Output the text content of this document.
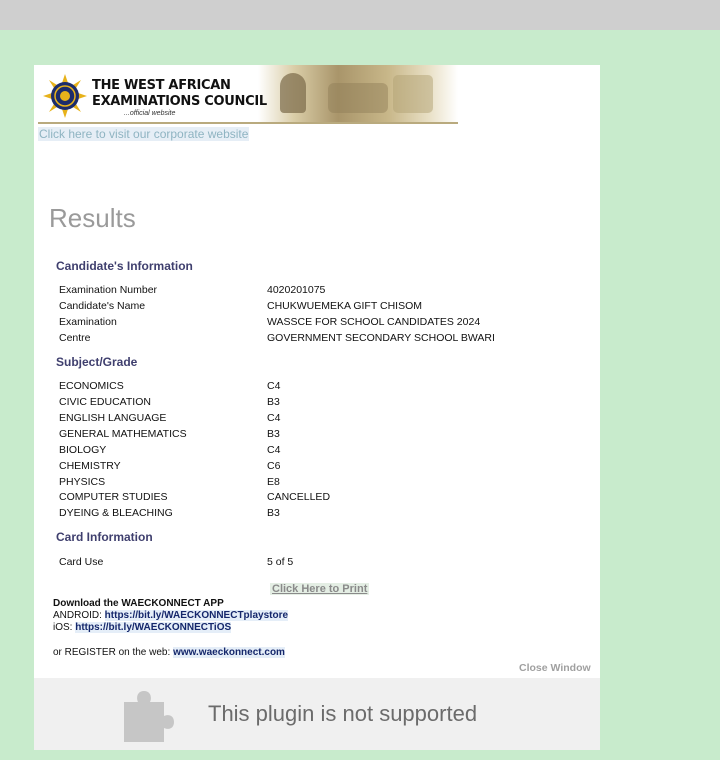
THE WEST AFRICAN
EXAMINATIONS COUNCIL
...official website
Click here to visit our corporate website
Results
Candidate's Information
Examination Number	4020201075
Candidate's Name	CHUKWUEMEKA GIFT CHISOM
Examination	WASSCE FOR SCHOOL CANDIDATES 2024
Centre	GOVERNMENT SECONDARY SCHOOL BWARI
Subject/Grade
ECONOMICS	C4
CIVIC EDUCATION	B3
ENGLISH LANGUAGE	C4
GENERAL MATHEMATICS	B3
BIOLOGY	C4
CHEMISTRY	C6
PHYSICS	E8
COMPUTER STUDIES	CANCELLED
DYEING & BLEACHING	B3
Card Information
Card Use	5 of 5
Click Here to Print
Download the WAECKONNECT APP
ANDROID: https://bit.ly/WAECKONNECTplaystore
iOS: https://bit.ly/WAECKONNECTiOS
or REGISTER on the web: www.waeckonnect.com
Close Window
This plugin is not supported
